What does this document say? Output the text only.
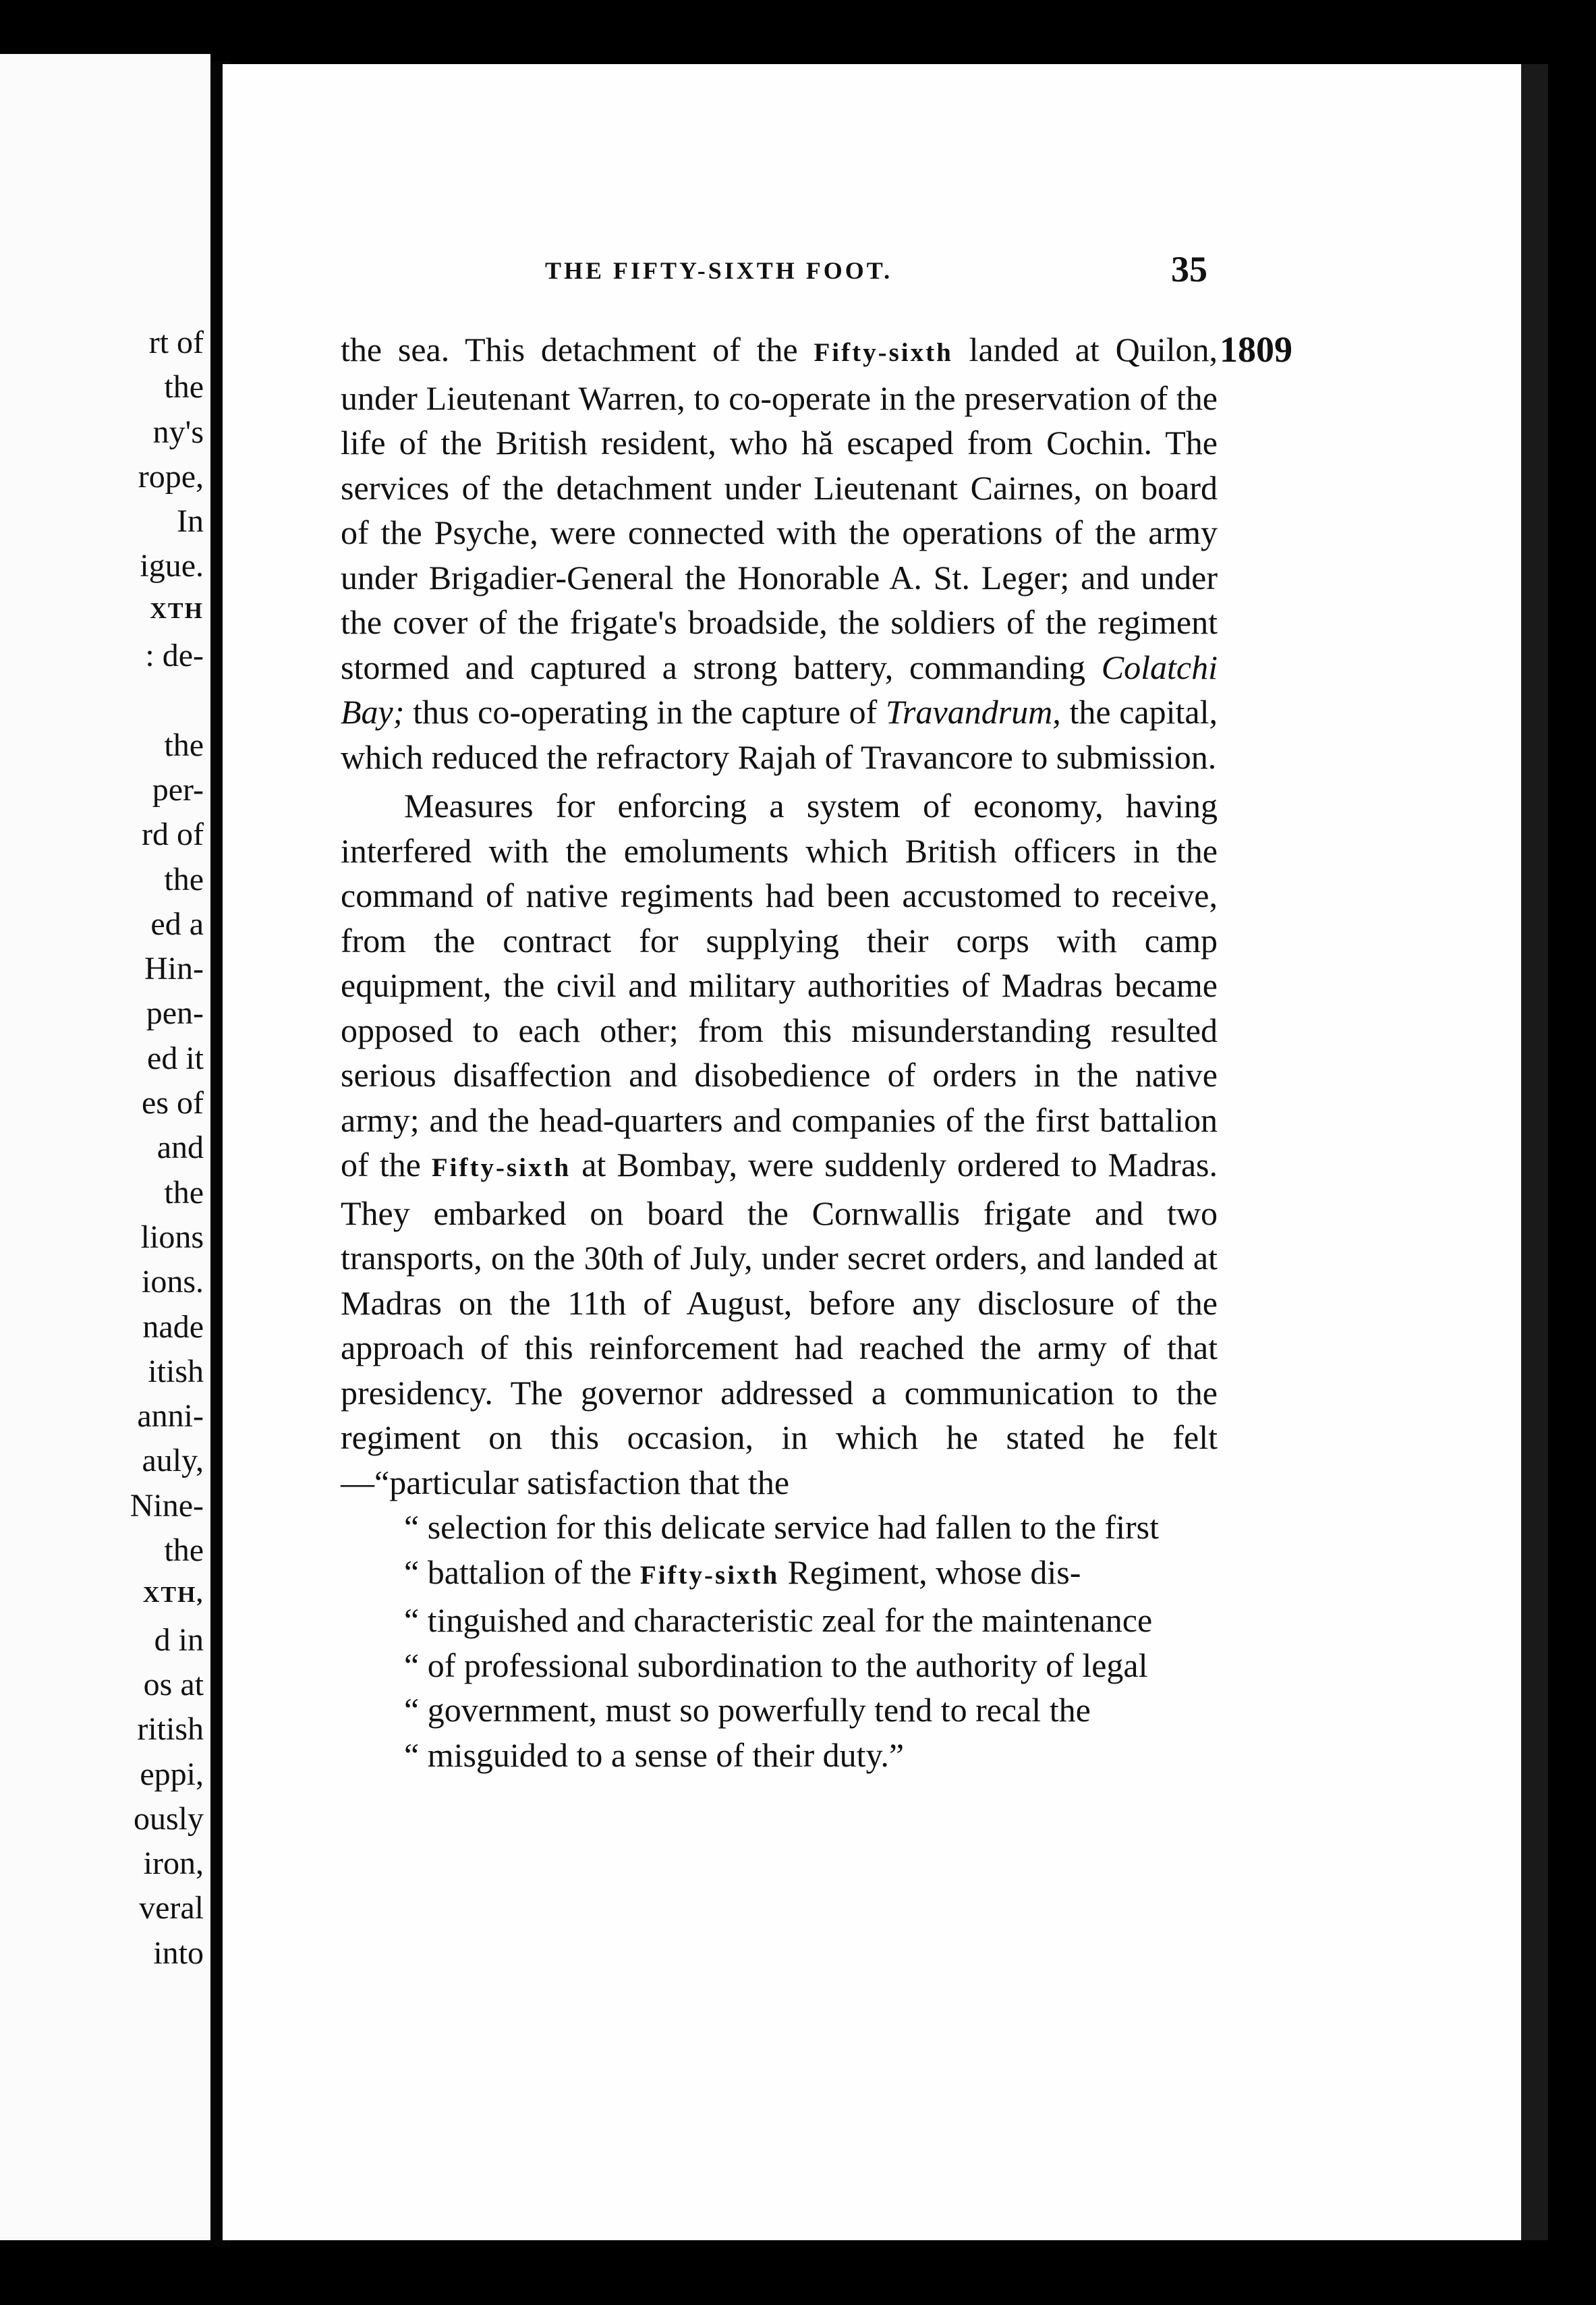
rt of
the
ny's
rope,
In
igue.
XTH
: de-

the
per-
rd of
the
ed a
Hin-
pen-
ed it
es of
and
the
lions
ions.
nade
itish
anni-
auly,
Nine-
the
XTH,
d in
os at
ritish
eppi,
ously
iron,
veral
into
THE FIFTY-SIXTH FOOT.	35
1809

the sea. This detachment of the Fifty-sixth landed at Quilon, under Lieutenant Warren, to co-operate in the preservation of the life of the British resident, who hă escaped from Cochin. The services of the detachment under Lieutenant Cairnes, on board of the Psyche, were connected with the operations of the army under Brigadier-General the Honorable A. St. Leger; and under the cover of the frigate's broadside, the soldiers of the regiment stormed and captured a strong battery, commanding Colatchi Bay; thus co-operating in the capture of Travandrum, the capital, which reduced the refractory Rajah of Travancore to submission.

Measures for enforcing a system of economy, having interfered with the emoluments which British officers in the command of native regiments had been accustomed to receive, from the contract for supplying their corps with camp equipment, the civil and military authorities of Madras became opposed to each other; from this misunderstanding resulted serious disaffection and disobedience of orders in the native army; and the head-quarters and companies of the first battalion of the Fifty-sixth at Bombay, were suddenly ordered to Madras. They embarked on board the Cornwallis frigate and two transports, on the 30th of July, under secret orders, and landed at Madras on the 11th of August, before any disclosure of the approach of this reinforcement had reached the army of that presidency. The governor addressed a communication to the regiment on this occasion, in which he stated he felt—“particular satisfaction that the
“ selection for this delicate service had fallen to the first
“ battalion of the Fifty-sixth Regiment, whose dis-
“ tinguished and characteristic zeal for the maintenance
“ of professional subordination to the authority of legal
“ government, must so powerfully tend to recal the
“ misguided to a sense of their duty.”
